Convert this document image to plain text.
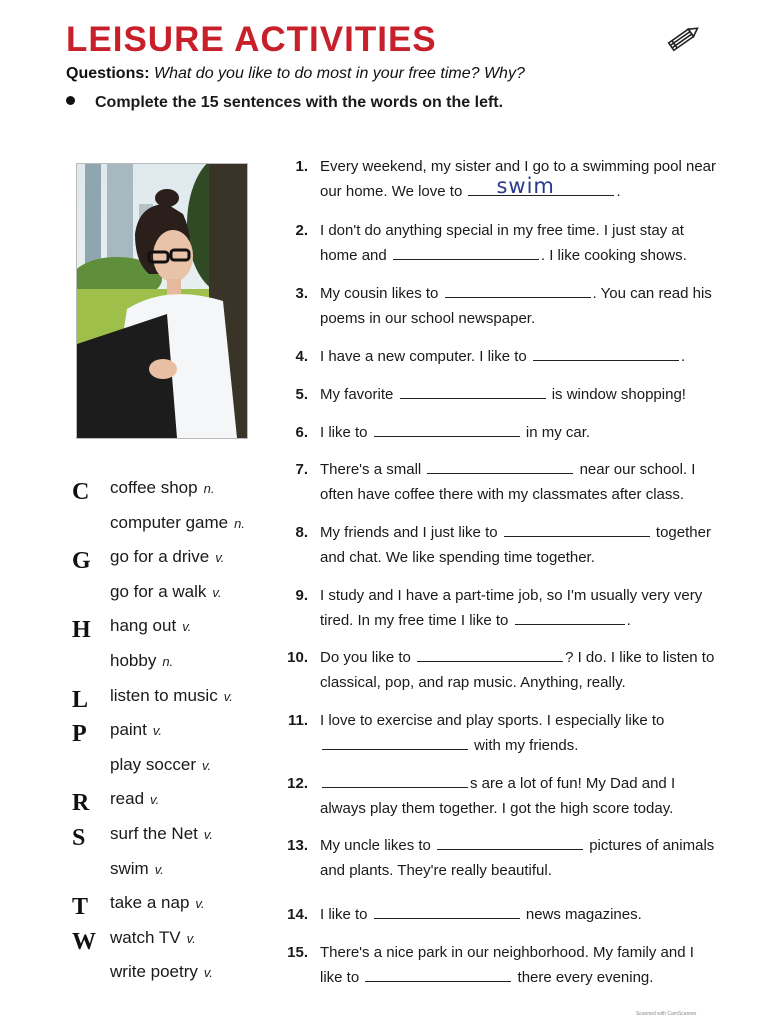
LEISURE ACTIVITIES
Questions: What do you like to do most in your free time? Why?
Complete the 15 sentences with the words on the left.
C coffee shop n.
computer game n.
G go for a drive v.
go for a walk v.
H hang out v.
hobby n.
L listen to music v.
P paint v.
play soccer v.
R read v.
S surf the Net v.
swim v.
T take a nap v.
W watch TV v.
write poetry v.
1. Every weekend, my sister and I go to a swimming pool near our home. We love to swim	.
2. I don't do anything special in my free time. I just stay at home and	. I like cooking shows.
3. My cousin likes to	. You can read his poems in our school newspaper.
4. I have a new computer. I like to	.
5. My favorite	is window shopping!
6. I like to	in my car.
7. There's a small	near our school. I often have coffee there with my classmates after class.
8. My friends and I just like to	together and chat. We like spending time together.
9. I study and I have a part-time job, so I'm usually very very tired. In my free time I like to	.
10. Do you like to	? I do. I like to listen to classical, pop, and rap music. Anything, really.
11. I love to exercise and play sports. I especially like to  with my friends.
12.	s are a lot of fun! My Dad and I always play them together. I got the high score today.
13. My uncle likes to	pictures of animals and plants. They're really beautiful.
14. I like to	news magazines.
15. There's a nice park in our neighborhood. My family and I like to	there every evening.
Scanned with CamScanner
